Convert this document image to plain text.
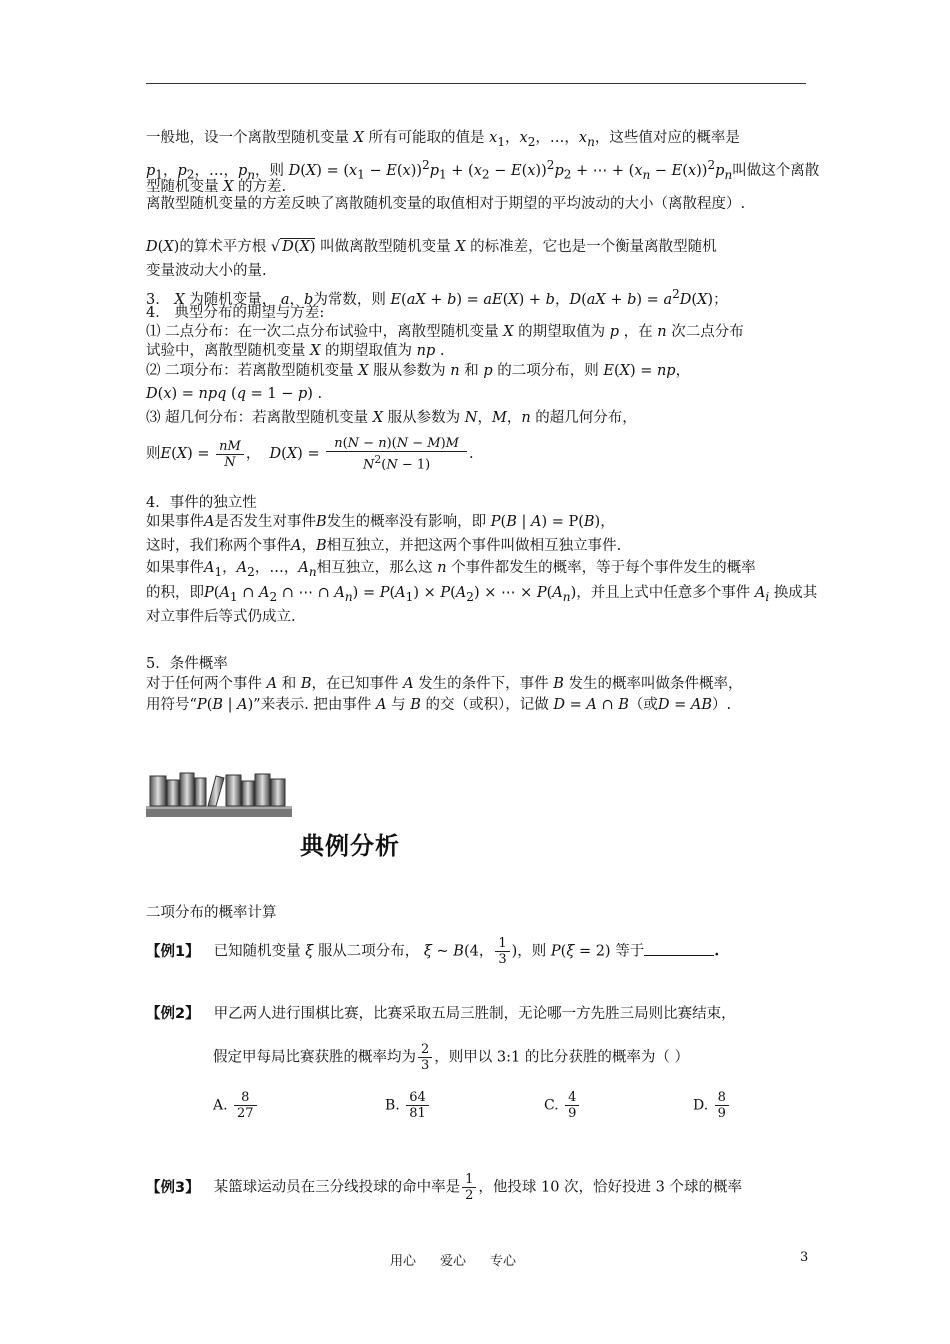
一般地，设一个离散型随机变量 X 所有可能取的值是 $x_1$，$x_2$，…，$x_n$，这些值对应的概率是
$p_1$，$p_2$，…，$p_n$，则 $D(X) = (x_1 - E(x))^2p_1 + (x_2 - E(x))^2p_2$ + ⋯ + $(x_n - E(x))^2p_n$叫做这个离散
型随机变量 X 的方差.
离散型随机变量的方差反映了离散随机变量的取值相对于期望的平均波动的大小（离散程度）.
D(X)的算术平方根 √ D(X) 叫做离散型随机变量 X 的标准差，它也是一个衡量离散型随机
变量波动大小的量.
3． X 为随机变量， a，b为常数，则 E(aX + b) = aE(X) + b，$D(aX + b) = a^2D(X)$；
4． 典型分布的期望与方差:
⑴ 二点分布：在一次二点分布试验中，离散型随机变量 X 的期望取值为 p ，在 n 次二点分布
试验中，离散型随机变量 X 的期望取值为 np .
⑵ 二项分布：若离散型随机变量 X 服从参数为 n 和 p 的二项分布，则 E(X) = np，
D(x) = npq (q = 1 − p) .
⑶ 超几何分布：若离散型随机变量 X 服从参数为 N，M，n 的超几何分布，
则$E(X) = \frac{nM}{N}$ ，  $D(X) = \frac{n(N - n)(N - M)M}{N^2(N - 1)}$ .
4．事件的独立性
如果事件A是否发生对事件B发生的概率没有影响，即 P(B | A) = P(B)，
这时，我们称两个事件A，B相互独立，并把这两个事件叫做相互独立事件.
如果事件$A_1$，$A_2$，…，$A_n$相互独立，那么这 n 个事件都发生的概率，等于每个事件发生的概率
的积，即$P(A_1$ ∩ $A_2$ ∩ ⋯ ∩ $A_n) = P(A_1) \times P(A_2)$ × ⋯ × $P(A_n)$，并且上式中任意多个事件 $A_i$ 换成其
对立事件后等式仍成立.
5．条件概率
对于任何两个事件 A 和 B，在已知事件 A 发生的条件下，事件 B 发生的概率叫做条件概率，
用符号“P(B | A)”来表示. 把由事件 A 与 B 的交（或积），记做 D = A ∩ B（或D = AB）.
典例分析
二项分布的概率计算
【例1】 已知随机变量 ξ 服从二项分布， ξ ~ B(4， $\frac{1}{3}$ )，则 P(ξ = 2) 等于	.
【例2】 甲乙两人进行围棋比赛，比赛采取五局三胜制，无论哪一方先胜三局则比赛结束，
假定甲每局比赛获胜的概率均为 $\frac{2}{3}$ ，则甲以 3:1 的比分获胜的概率为（ ）
A. $\frac{8}{27}$	B. $\frac{64}{81}$	C. $\frac{4}{9}$	D. $\frac{8}{9}$
【例3】 某篮球运动员在三分线投球的命中率是 $\frac{1}{2}$ ，他投球 10 次，恰好投进 3 个球的概率
用心 爱心 专心	3
